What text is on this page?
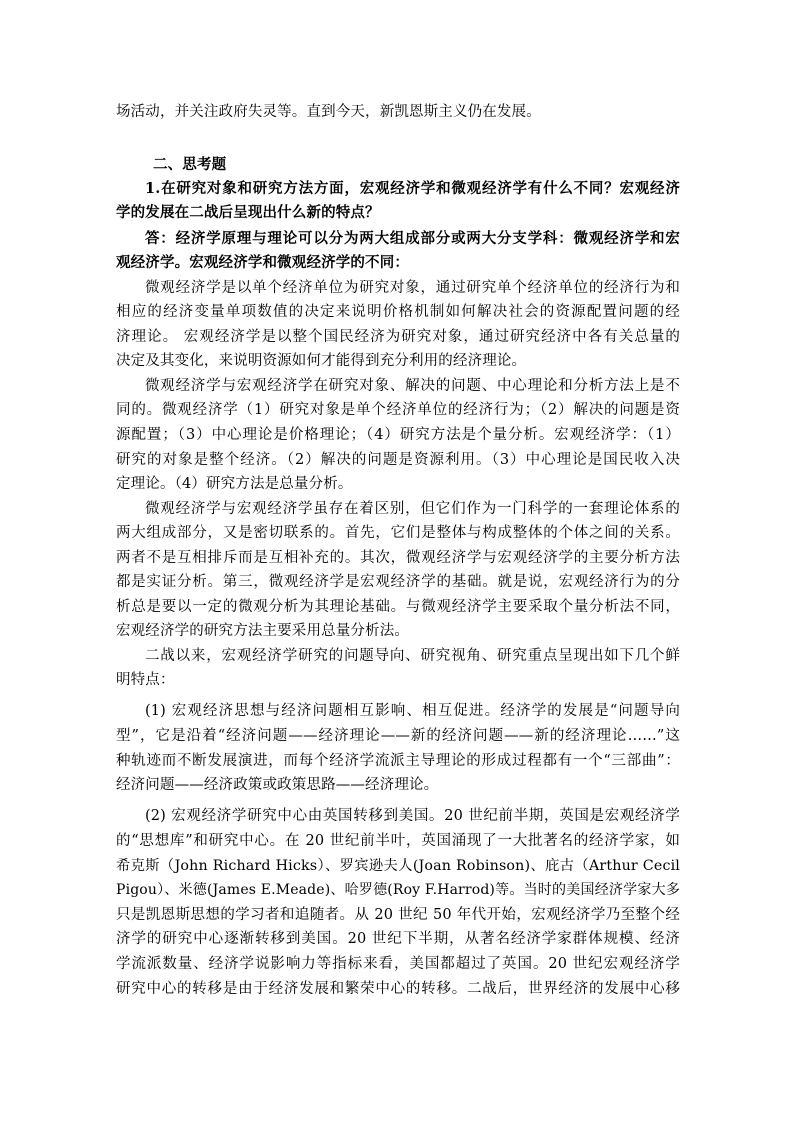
场活动，并关注政府失灵等。直到今天，新凯恩斯主义仍在发展。
二、思考题
1.在研究对象和研究方法方面，宏观经济学和微观经济学有什么不同？宏观经济
学的发展在二战后呈现出什么新的特点？
答：经济学原理与理论可以分为两大组成部分或两大分支学科：微观经济学和宏
观经济学。宏观经济学和微观经济学的不同：
微观经济学是以单个经济单位为研究对象，通过研究单个经济单位的经济行为和
相应的经济变量单项数值的决定来说明价格机制如何解决社会的资源配置问题的经
济理论。 宏观经济学是以整个国民经济为研究对象，通过研究经济中各有关总量的
决定及其变化，来说明资源如何才能得到充分利用的经济理论。
微观经济学与宏观经济学在研究对象、解决的问题、中心理论和分析方法上是不
同的。微观经济学（1）研究对象是单个经济单位的经济行为；（2）解决的问题是资
源配置；（3）中心理论是价格理论；（4）研究方法是个量分析。宏观经济学：（1）
研究的对象是整个经济。（2）解决的问题是资源利用。（3）中心理论是国民收入决
定理论。（4）研究方法是总量分析。
微观经济学与宏观经济学虽存在着区别，但它们作为一门科学的一套理论体系的
两大组成部分，又是密切联系的。首先，它们是整体与构成整体的个体之间的关系。
两者不是互相排斥而是互相补充的。其次，微观经济学与宏观经济学的主要分析方法
都是实证分析。第三，微观经济学是宏观经济学的基础。就是说，宏观经济行为的分
析总是要以一定的微观分析为其理论基础。与微观经济学主要采取个量分析法不同，
宏观经济学的研究方法主要采用总量分析法。
二战以来，宏观经济学研究的问题导向、研究视角、研究重点呈现出如下几个鲜
明特点：
(1) 宏观经济思想与经济问题相互影响、相互促进。经济学的发展是“问题导向
型”，它是沿着“经济问题——经济理论——新的经济问题——新的经济理论……”这
种轨迹而不断发展演进，而每个经济学流派主导理论的形成过程都有一个“三部曲”：
经济问题——经济政策或政策思路——经济理论。
(2) 宏观经济学研究中心由英国转移到美国。20 世纪前半期，英国是宏观经济学
的“思想库”和研究中心。在 20 世纪前半叶，英国涌现了一大批著名的经济学家，如
希克斯（John Richard Hicks）、罗宾逊夫人(Joan Robinson)、庇古（Arthur Cecil
Pigou）、米德(James E.Meade)、哈罗德(Roy F.Harrod)等。当时的美国经济学家大多
只是凯恩斯思想的学习者和追随者。从 20 世纪 50 年代开始，宏观经济学乃至整个经
济学的研究中心逐渐转移到美国。20 世纪下半期，从著名经济学家群体规模、经济
学流派数量、经济学说影响力等指标来看，美国都超过了英国。20 世纪宏观经济学
研究中心的转移是由于经济发展和繁荣中心的转移。二战后，世界经济的发展中心移
